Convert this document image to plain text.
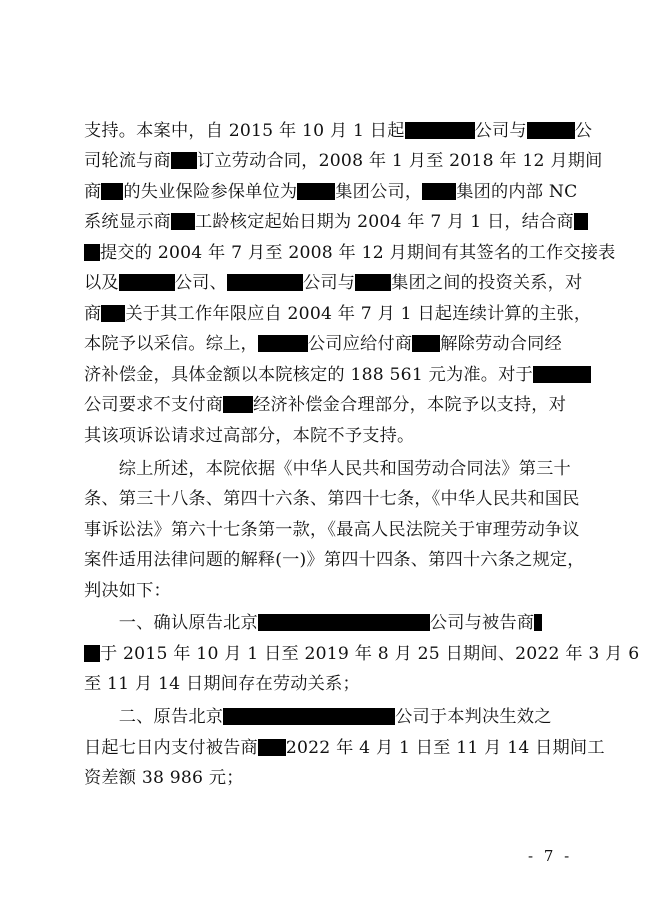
支持。本案中，自 2015 年 10 月 1 日起	公司与	公
司轮流与商 订立劳动合同，2008 年 1 月至 2018 年 12 月期间
商 的失业保险参保单位为 集团公司， 集团的内部 NC
系统显示商 工龄核定起始日期为 2004 年 7 月 1 日，结合商
提交的 2004 年 7 月至 2008 年 12 月期间有其签名的工作交接表
以及	公司、	公司与 集团之间的投资关系，对
商 关于其工作年限应自 2004 年 7 月 1 日起连续计算的主张，
本院予以采信。综上，	公司应给付商 解除劳动合同经
济补偿金，具体金额以本院核定的 188 561 元为准。对于
公司要求不支付商 经济补偿金合理部分，本院予以支持，对
其该项诉讼请求过高部分，本院不予支持。
　　综上所述，本院依据《中华人民共和国劳动合同法》第三十
条、第三十八条、第四十六条、第四十七条，《中华人民共和国民
事诉讼法》第六十七条第一款，《最高人民法院关于审理劳动争议
案件适用法律问题的解释(一)》第四十四条、第四十六条之规定，
判决如下：
　　一、确认原告北京	公司与被告商
于 2015 年 10 月 1 日至 2019 年 8 月 25 日期间、2022 年 3 月 6
至 11 月 14 日期间存在劳动关系；
　　二、原告北京	公司于本判决生效之
日起七日内支付被告商 2022 年 4 月 1 日至 11 月 14 日期间工
资差额 38 986 元；
- 7 -
